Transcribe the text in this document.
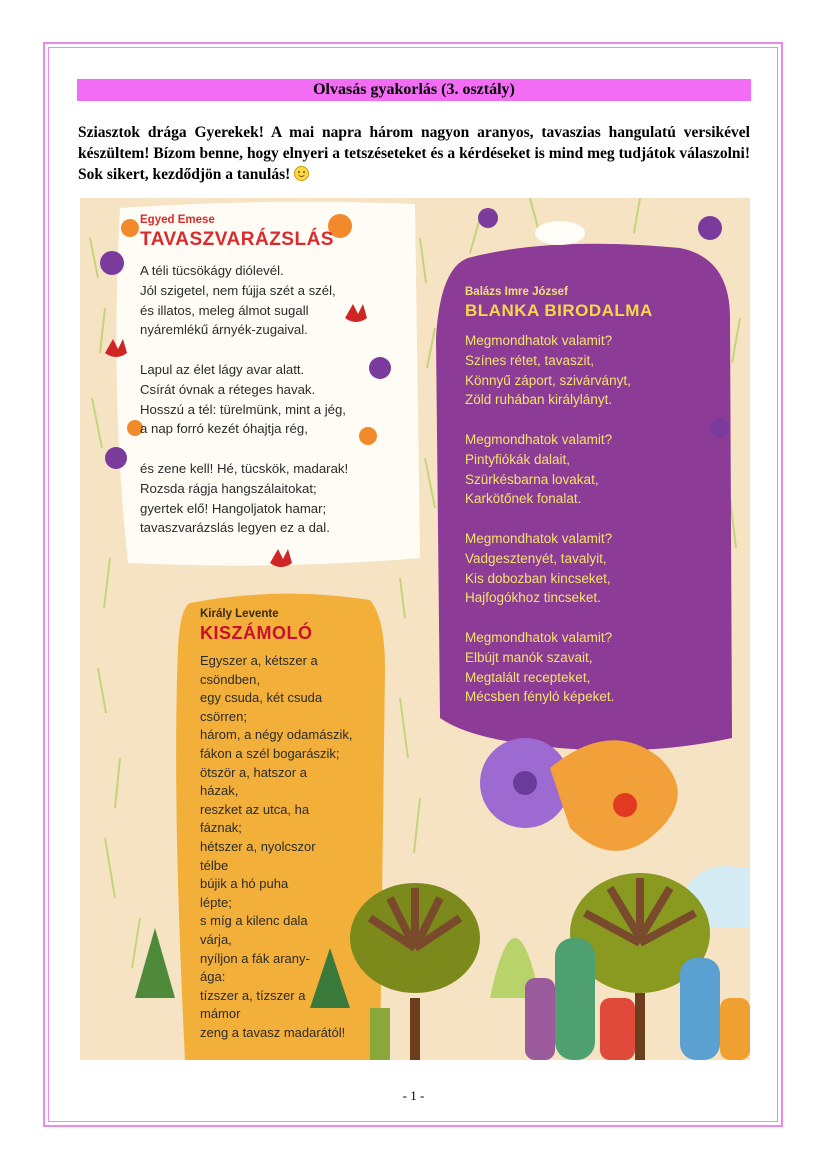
Olvasás gyakorlás (3. osztály)
Sziasztok drága Gyerekek! A mai napra három nagyon aranyos, tavaszias hangulatú versikével készültem! Bízom benne, hogy elnyeri a tetszéseteket és a kérdéseket is mind meg tudjátok válaszolni! Sok sikert, kezdődjön a tanulás!
Egyed Emese
TAVASZVARÁZSLÁS
A téli tücsökágy diólevél.
Jól szigetel, nem fújja szét a szél,
és illatos, meleg álmot sugall
nyáremlékű árnyék-zugaival.

Lapul az élet lágy avar alatt.
Csírát óvnak a réteges havak.
Hosszú a tél: türelmünk, mint a jég,
a nap forró kezét óhajtja rég,

és zene kell! Hé, tücskök, madarak!
Rozsda rágja hangszálaitokat;
gyertek elő! Hangoljatok hamar;
tavaszvarázslás legyen ez a dal.
Balázs Imre József
BLANKA BIRODALMA
Megmondhatok valamit?
Színes rétet, tavaszit,
Könnyű záport, szivárványt,
Zöld ruhában királylányt.

Megmondhatok valamit?
Pintyfiókák dalait,
Szürkésbarna lovakat,
Karkötőnek fonalat.

Megmondhatok valamit?
Vadgesztenyét, tavalyit,
Kis dobozban kincseket,
Hajfogókhoz tincseket.

Megmondhatok valamit?
Elbújt manók szavait,
Megtalált recepteket,
Mécsben fényló képeket.
Király Levente
KISZÁMOLÓ
Egyszer a, kétszer a
csöndben,
egy csuda, két csuda
csörren;
három, a négy odamászik,
fákon a szél bogarászik;
ötször a, hatszor a
házak,
reszket az utca, ha
fáznak;
hétszer a, nyolcszor
télbe
bújik a hó puha
lépte;
s míg a kilenc dala
várja,
nyíljon a fák arany-
ága:
tízszer a, tízszer a
mámor
zeng a tavasz madarától!
- 1 -
